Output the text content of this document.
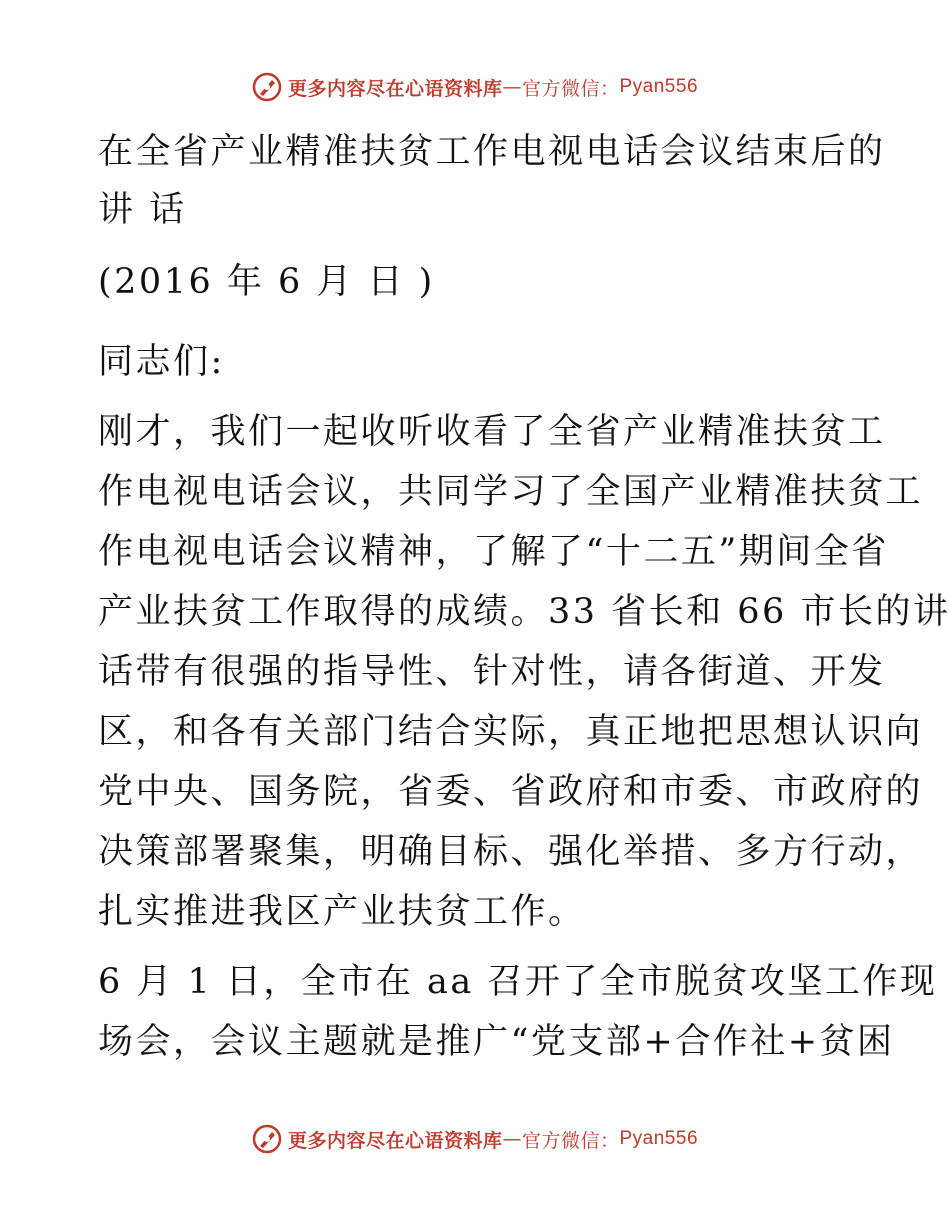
更多内容尽在心语资料库 — 官方微信： Pyan556
在全省产业精准扶贫工作电视电话会议结束后的
讲 话
(2016 年 6 月 日 )
同志们:
刚才，我们一起收听收看了全省产业精准扶贫工
作电视电话会议，共同学习了全国产业精准扶贫工
作电视电话会议精神，了解了“十二五”期间全省
产业扶贫工作取得的成绩。33 省长和 66 市长的讲
话带有很强的指导性、针对性，请各街道、开发
区，和各有关部门结合实际，真正地把思想认识向
党中央、国务院，省委、省政府和市委、市政府的
决策部署聚集，明确目标、强化举措、多方行动，
扎实推进我区产业扶贫工作。
6 月 1 日，全市在 aa 召开了全市脱贫攻坚工作现
场会，会议主题就是推广“党支部+合作社+贫困
更多内容尽在心语资料库 — 官方微信： Pyan556
